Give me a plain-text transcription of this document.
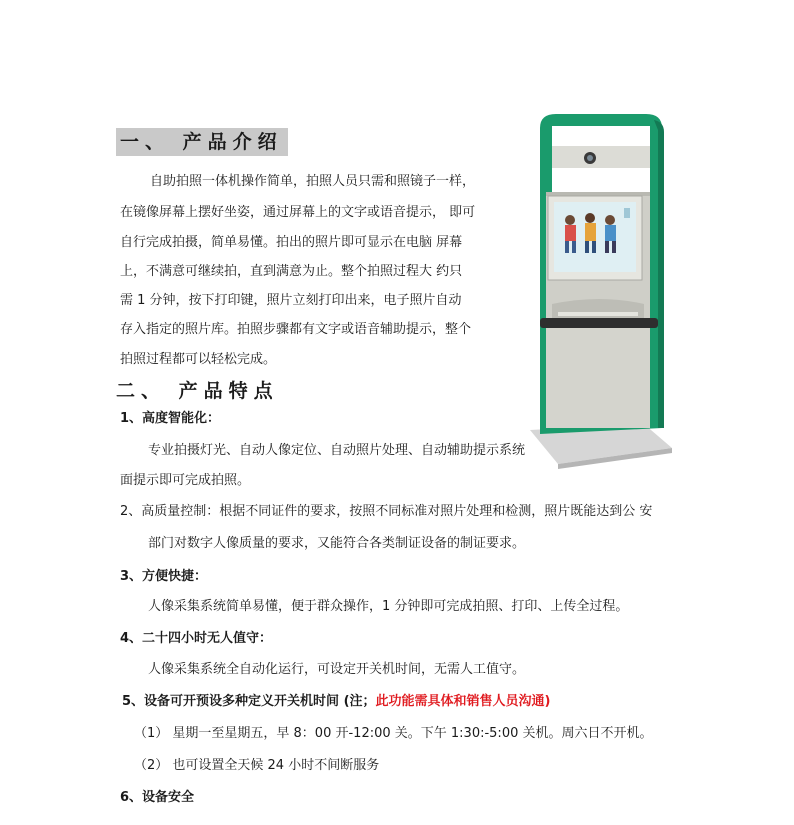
一、 产品介绍
自助拍照一体机操作简单，拍照人员只需和照镜子一样，
在镜像屏幕上摆好坐姿，通过屏幕上的文字或语音提示， 即可
自行完成拍摄，简单易懂。拍出的照片即可显示在电脑 屏幕
上，不满意可继续拍，直到满意为止。整个拍照过程大 约只
需 1 分钟，按下打印键，照片立刻打印出来，电子照片自动
存入指定的照片库。拍照步骤都有文字或语音辅助提示，整个
拍照过程都可以轻松完成。
二、 产品特点
1、高度智能化：
专业拍摄灯光、自动人像定位、自动照片处理、自动辅助提示系统
面提示即可完成拍照。
2、高质量控制：根据不同证件的要求，按照不同标准对照片处理和检测，照片既能达到公 安
部门对数字人像质量的要求，又能符合各类制证设备的制证要求。
3、方便快捷：
人像采集系统简单易懂，便于群众操作，1 分钟即可完成拍照、打印、上传全过程。
4、二十四小时无人值守：
人像采集系统全自动化运行，可设定开关机时间，无需人工值守。
5、设备可开预设多种定义开关机时间 (注；此功能需具体和销售人员沟通)
（1） 星期一至星期五，早 8：00 开-12:00 关。下午 1:30:-5:00 关机。周六日不开机。
（2） 也可设置全天候 24 小时不间断服务
6、设备安全
